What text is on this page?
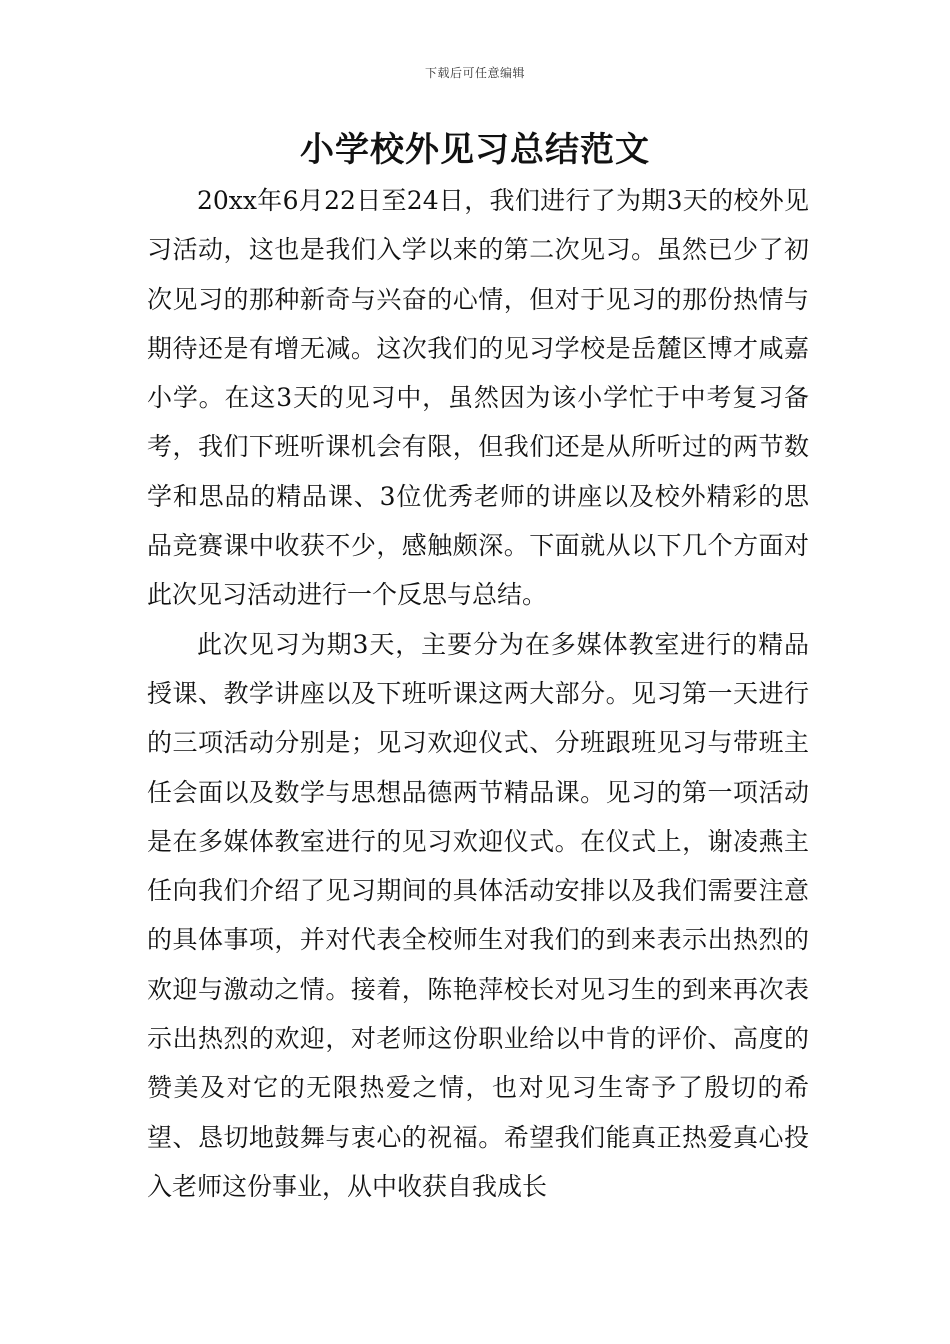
下载后可任意编辑
小学校外见习总结范文

20xx年6月22日至24日，我们进行了为期3天的校外见习活动，这也是我们入学以来的第二次见习。虽然已少了初次见习的那种新奇与兴奋的心情，但对于见习的那份热情与期待还是有增无减。这次我们的见习学校是岳麓区博才咸嘉小学。在这3天的见习中，虽然因为该小学忙于中考复习备考，我们下班听课机会有限，但我们还是从所听过的两节数学和思品的精品课、3位优秀老师的讲座以及校外精彩的思品竞赛课中收获不少，感触颇深。下面就从以下几个方面对此次见习活动进行一个反思与总结。

此次见习为期3天，主要分为在多媒体教室进行的精品授课、教学讲座以及下班听课这两大部分。见习第一天进行的三项活动分别是；见习欢迎仪式、分班跟班见习与带班主任会面以及数学与思想品德两节精品课。见习的第一项活动是在多媒体教室进行的见习欢迎仪式。在仪式上，谢凌燕主任向我们介绍了见习期间的具体活动安排以及我们需要注意的具体事项，并对代表全校师生对我们的到来表示出热烈的欢迎与激动之情。接着，陈艳萍校长对见习生的到来再次表示出热烈的欢迎，对老师这份职业给以中肯的评价、高度的赞美及对它的无限热爱之情，也对见习生寄予了殷切的希望、恳切地鼓舞与衷心的祝福。希望我们能真正热爱真心投入老师这份事业，从中收获自我成长
